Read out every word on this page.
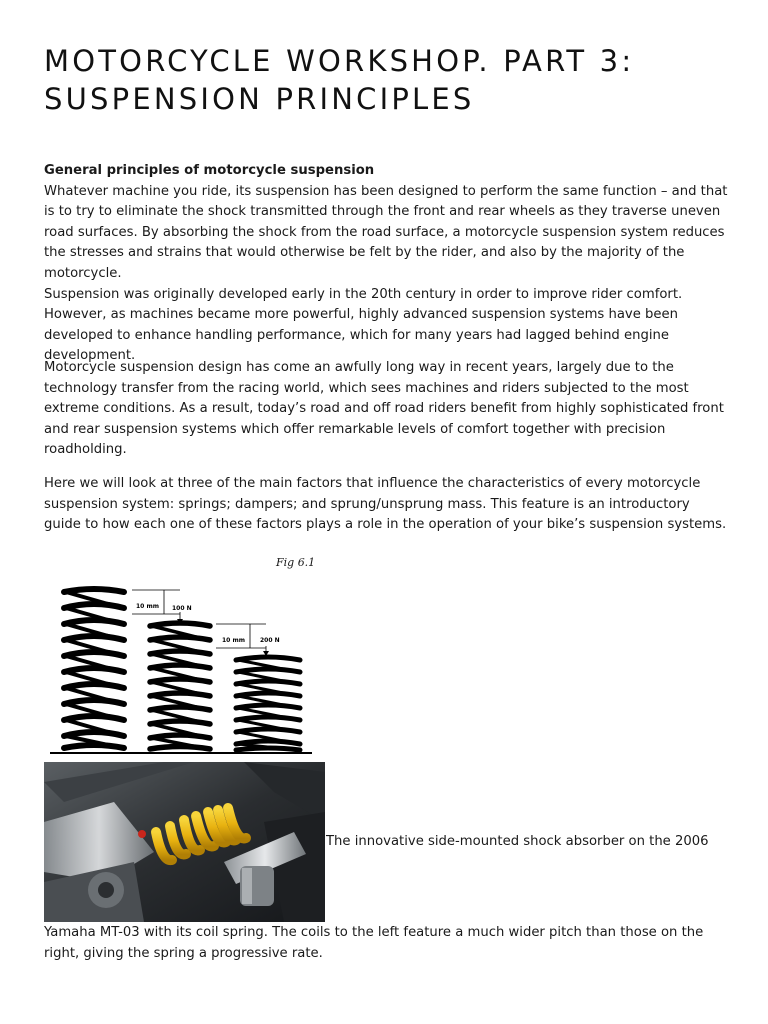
MOTORCYCLE WORKSHOP. PART 3:
SUSPENSION PRINCIPLES
General principles of motorcycle suspension
Whatever machine you ride, its suspension has been designed to perform the same function – and that is to try to eliminate the shock transmitted through the front and rear wheels as they traverse uneven road surfaces. By absorbing the shock from the road surface, a motorcycle suspension system reduces the stresses and strains that would otherwise be felt by the rider, and also by the majority of the motorcycle.
Suspension was originally developed early in the 20th century in order to improve rider comfort. However, as machines became more powerful, highly advanced suspension systems have been developed to enhance handling performance, which for many years had lagged behind engine development.

Motorcycle suspension design has come an awfully long way in recent years, largely due to the technology transfer from the racing world, which sees machines and riders subjected to the most extreme conditions. As a result, today’s road and off road riders benefit from highly sophisticated front and rear suspension systems which offer remarkable levels of comfort together with precision roadholding.

Here we will look at three of the main factors that influence the characteristics of every motorcycle suspension system: springs; dampers; and sprung/unsprung mass. This feature is an introductory guide to how each one of these factors plays a role in the operation of your bike’s suspension systems.

Fig 6.1
10 mm 100 N
10 mm	200 N
The innovative side-mounted shock absorber on the 2006
Yamaha MT-03 with its coil spring. The coils to the left feature a much wider pitch than those on the right, giving the spring a progressive rate.
